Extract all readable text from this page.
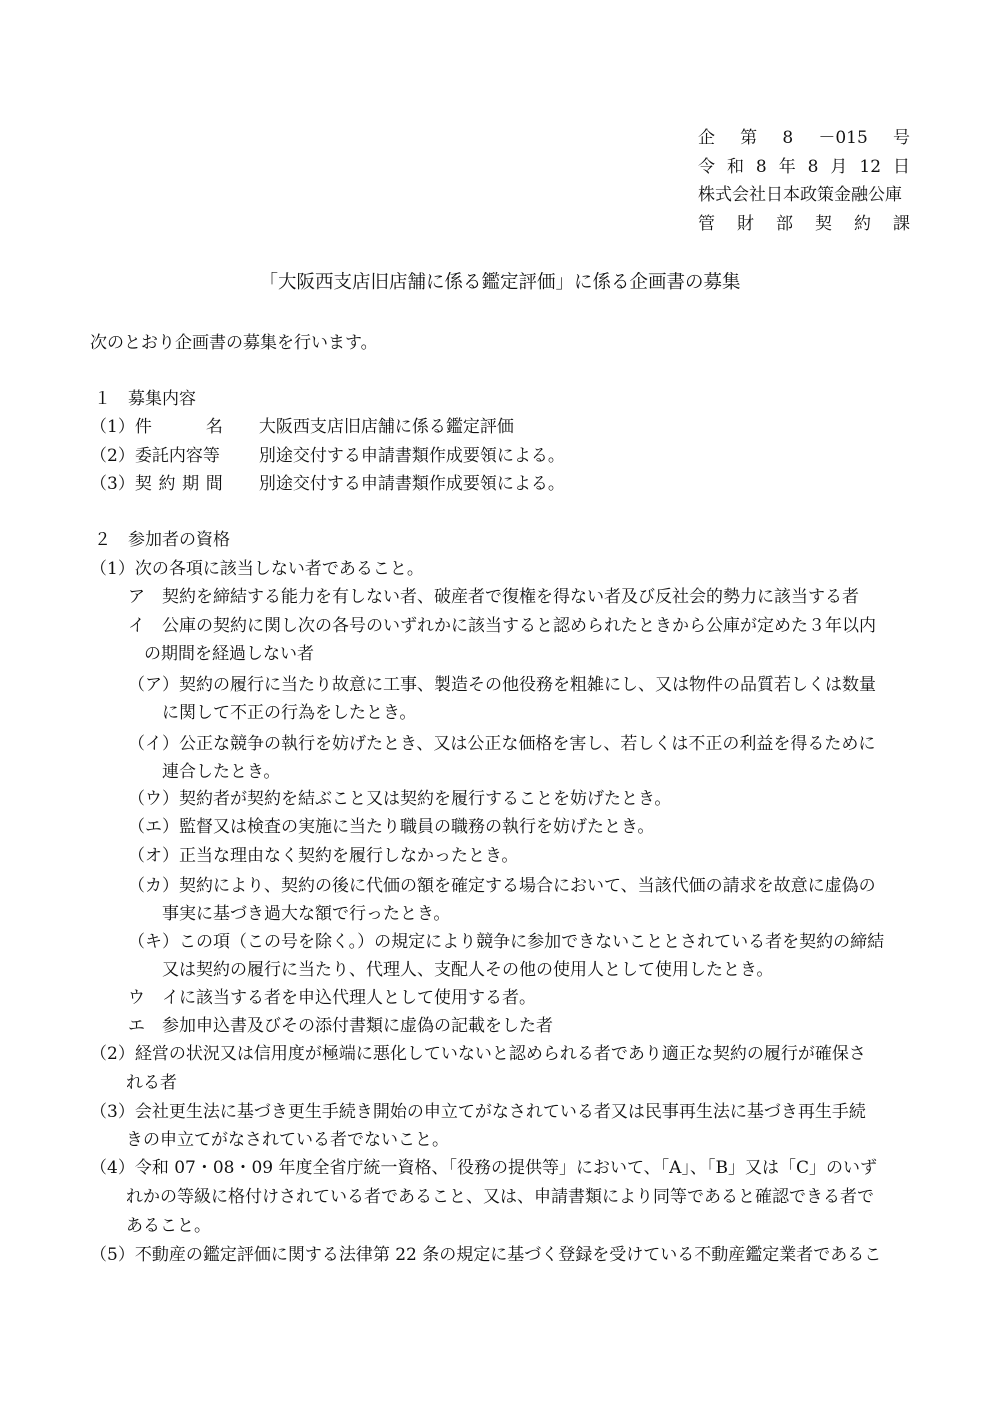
企 第 8 －015 号
令 和 8 年 8 月 12 日
株式会社日本政策金融公庫
管 財 部 契 約 課
「大阪西支店旧店舗に係る鑑定評価」に係る企画書の募集
次のとおり企画書の募集を行います。
１ 募集内容
（1） 件	名 大阪西支店旧店舗に係る鑑定評価
（2）委託内容等 別途交付する申請書類作成要領による。
（3） 契 約 期 間 別途交付する申請書類作成要領による。
２ 参加者の資格
（1）次の各項に該当しない者であること。
ア　契約を締結する能力を有しない者、破産者で復権を得ない者及び反社会的勢力に該当する者
イ　公庫の契約に関し次の各号のいずれかに該当すると認められたときから公庫が定めた３年以内
の期間を経過しない者
（ア）契約の履行に当たり故意に工事、製造その他役務を粗雑にし、又は物件の品質若しくは数量
に関して不正の行為をしたとき。
（イ）公正な競争の執行を妨げたとき、又は公正な価格を害し、若しくは不正の利益を得るために
連合したとき。
（ウ）契約者が契約を結ぶこと又は契約を履行することを妨げたとき。
（エ）監督又は検査の実施に当たり職員の職務の執行を妨げたとき。
（オ）正当な理由なく契約を履行しなかったとき。
（カ）契約により、契約の後に代価の額を確定する場合において、当該代価の請求を故意に虚偽の
事実に基づき過大な額で行ったとき。
（キ）この項（この号を除く。）の規定により競争に参加できないこととされている者を契約の締結
又は契約の履行に当たり、代理人、支配人その他の使用人として使用したとき。
ウ　イに該当する者を申込代理人として使用する者。
エ　参加申込書及びその添付書類に虚偽の記載をした者
（2）経営の状況又は信用度が極端に悪化していないと認められる者であり適正な契約の履行が確保さ
れる者
（3）会社更生法に基づき更生手続き開始の申立てがなされている者又は民事再生法に基づき再生手続
きの申立てがなされている者でないこと。
（4）令和 07・08・09 年度全省庁統一資格、「役務の提供等」において、「A」、「B」又は「C」のいず
れかの等級に格付けされている者であること、又は、申請書類により同等であると確認できる者で
あること。
（5）不動産の鑑定評価に関する法律第 22 条の規定に基づく登録を受けている不動産鑑定業者であるこ
